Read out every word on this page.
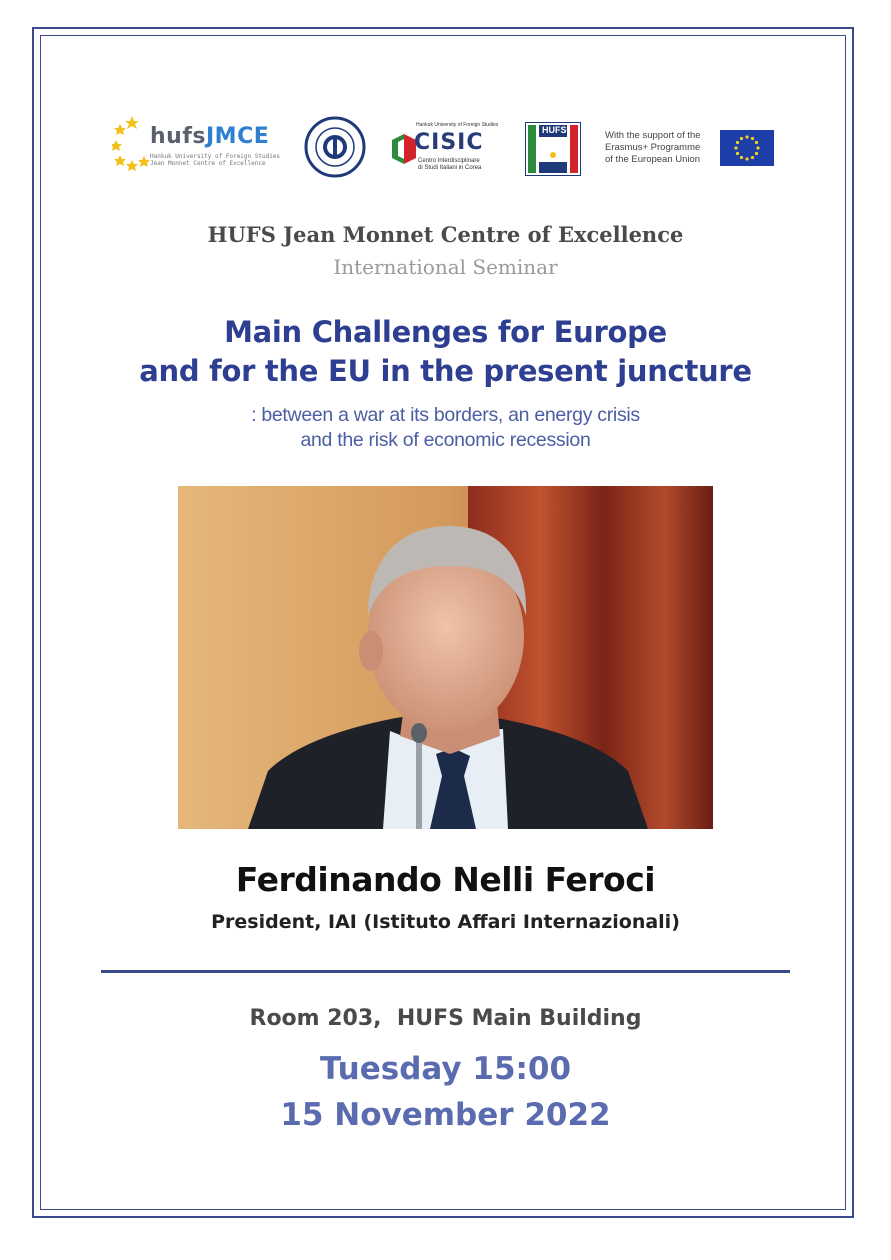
hufsJMCE
Hankuk University of Foreign Studies
Jean Monnet Centre of Excellence
Hankuk University of Foreign Studies
CISIC
Centro Interdisciplinare
di Studi Italiani in Corea
HUFS	With the support of the
Erasmus+ Programme
of the European Union
HUFS Jean Monnet Centre of Excellence
International Seminar
Main Challenges for Europe
and for the EU in the present juncture
: between a war at its borders, an energy crisis
and the risk of economic recession
Ferdinando Nelli Feroci
President, IAI (Istituto Affari Internazionali)
Room 203,  HUFS Main Building
Tuesday 15:00
15 November 2022
